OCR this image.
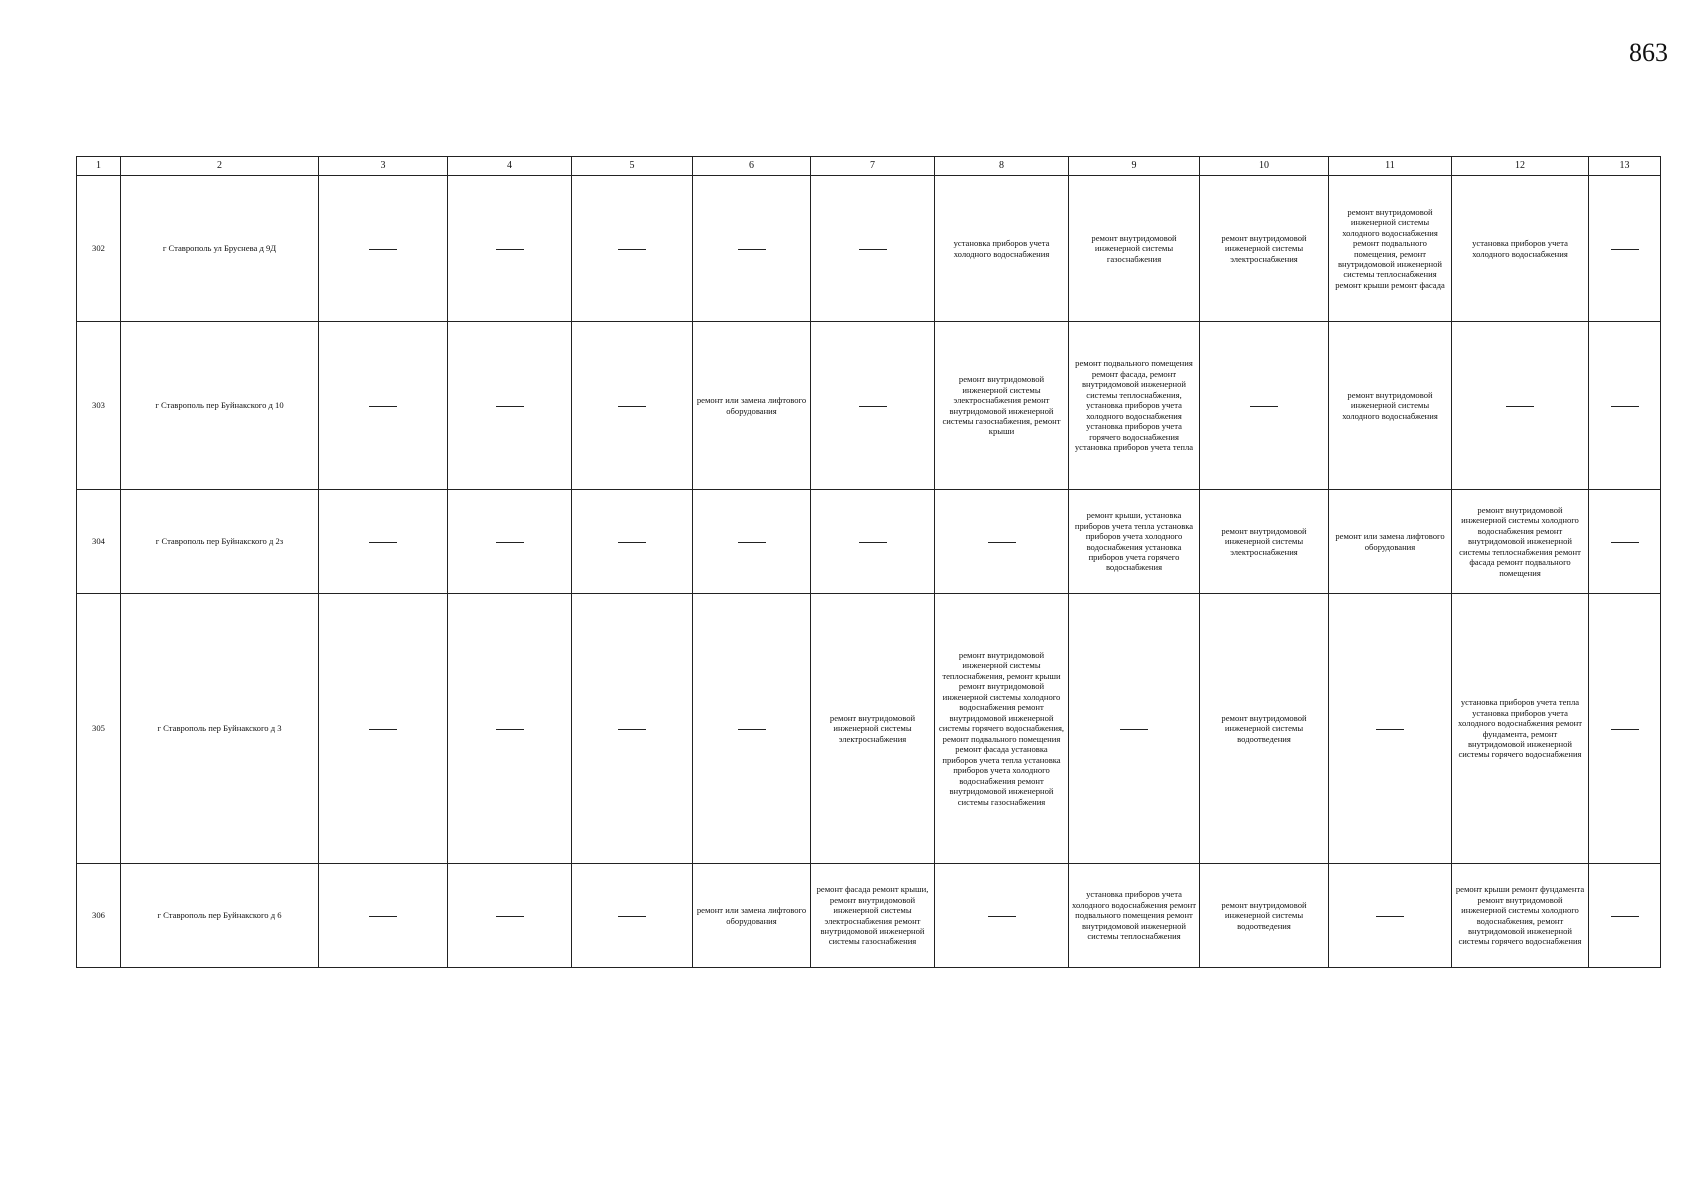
863
1	2	3	4	5	6	7	8	9	10	11	12	13
302	г Ставрополь ул Бруснева д 9Д						установка приборов учета холодного водоснабжения	ремонт внутридомовой инженерной системы газоснабжения	ремонт внутридомовой инженерной системы электроснабжения	ремонт внутридомовой инженерной системы холодного водоснабжения ремонт подвального помещения, ремонт внутридомовой инженерной системы теплоснабжения ремонт крыши ремонт фасада	установка приборов учета холодного водоснабжения	
303	г Ставрополь пер Буйнакского д 10				ремонт или замена лифтового оборудования		ремонт внутридомовой инженерной системы электроснабжения ремонт внутридомовой инженерной системы газоснабжения, ремонт крыши	ремонт подвального помещения ремонт фасада, ремонт внутридомовой инженерной системы теплоснабжения, установка приборов учета холодного водоснабжения установка приборов учета горячего водоснабжения установка приборов учета тепла		ремонт внутридомовой инженерной системы холодного водоснабжения		
304	г Ставрополь пер Буйнакского д 2з							ремонт крыши, установка приборов учета тепла установка приборов учета холодного водоснабжения установка приборов учета горячего водоснабжения	ремонт внутридомовой инженерной системы электроснабжения	ремонт или замена лифтового оборудования	ремонт внутридомовой инженерной системы холодного водоснабжения ремонт внутридомовой инженерной системы теплоснабжения ремонт фасада ремонт подвального помещения	
305	г Ставрополь пер Буйнакского д 3					ремонт внутридомовой инженерной системы электроснабжения	ремонт внутридомовой инженерной системы теплоснабжения, ремонт крыши ремонт внутридомовой инженерной системы холодного водоснабжения ремонт внутридомовой инженерной системы горячего водоснабжения, ремонт подвального помещения ремонт фасада установка приборов учета тепла установка приборов учета холодного водоснабжения ремонт внутридомовой инженерной системы газоснабжения		ремонт внутридомовой инженерной системы водоотведения		установка приборов учета тепла установка приборов учета холодного водоснабжения ремонт фундамента, ремонт внутридомовой инженерной системы горячего водоснабжения	
306	г Ставрополь пер Буйнакского д 6				ремонт или замена лифтового оборудования	ремонт фасада ремонт крыши, ремонт внутридомовой инженерной системы электроснабжения ремонт внутридомовой инженерной системы газоснабжения		установка приборов учета холодного водоснабжения ремонт подвального помещения ремонт внутридомовой инженерной системы теплоснабжения	ремонт внутридомовой инженерной системы водоотведения		ремонт крыши ремонт фундамента ремонт внутридомовой инженерной системы холодного водоснабжения, ремонт внутридомовой инженерной системы горячего водоснабжения	
